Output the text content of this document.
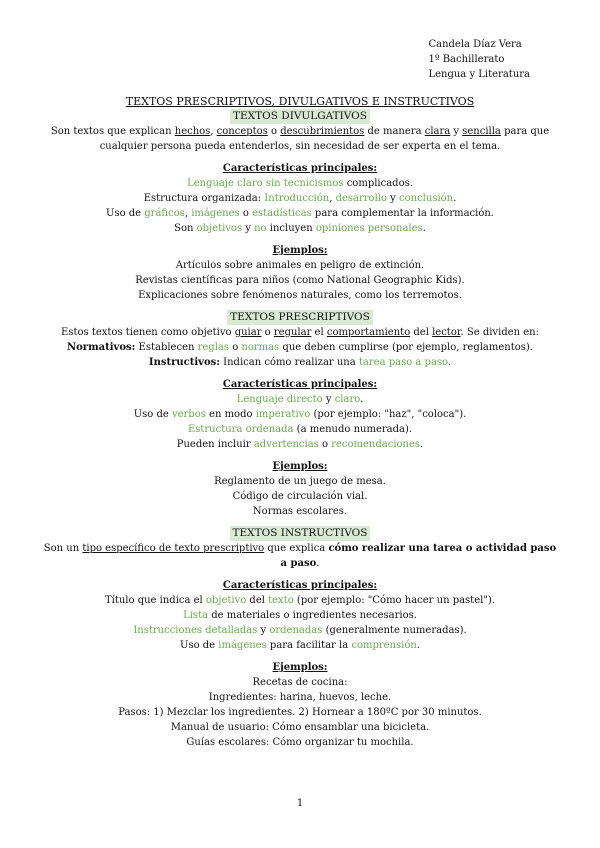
Candela Díaz Vera
1º Bachillerato
Lengua y Literatura

TEXTOS PRESCRIPTIVOS, DIVULGATIVOS E INSTRUCTIVOS

TEXTOS DIVULGATIVOS

Son textos que explican hechos, conceptos o descubrimientos de manera clara y sencilla para que cualquier persona pueda entenderlos, sin necesidad de ser experta en el tema.

Características principales:

Lenguaje claro sin tecnicismos complicados.

Estructura organizada: Introducción, desarrollo y conclusión.

Uso de gráficos, imágenes o estadísticas para complementar la información.

Son objetivos y no incluyen opiniones personales.

Ejemplos:

Artículos sobre animales en peligro de extinción.

Revistas científicas para niños (como National Geographic Kids).

Explicaciones sobre fenómenos naturales, como los terremotos.

TEXTOS PRESCRIPTIVOS

Estos textos tienen como objetivo guiar o regular el comportamiento del lector. Se dividen en:

Normativos: Establecen reglas o normas que deben cumplirse (por ejemplo, reglamentos).

Instructivos: Indican cómo realizar una tarea paso a paso.

Características principales:

Lenguaje directo y claro.

Uso de verbos en modo imperativo (por ejemplo: "haz", "coloca").

Estructura ordenada (a menudo numerada).

Pueden incluir advertencias o recomendaciones.

Ejemplos:

Reglamento de un juego de mesa.

Código de circulación vial.

Normas escolares.

TEXTOS INSTRUCTIVOS

Son un tipo específico de texto prescriptivo que explica cómo realizar una tarea o actividad paso a paso.

Características principales:

Título que indica el objetivo del texto (por ejemplo: "Cómo hacer un pastel").

Lista de materiales o ingredientes necesarios.

Instrucciones detalladas y ordenadas (generalmente numeradas).

Uso de imágenes para facilitar la comprensión.

Ejemplos:

Recetas de cocina:

Ingredientes: harina, huevos, leche.

Pasos: 1) Mezclar los ingredientes. 2) Hornear a 180ºC por 30 minutos.

Manual de usuario: Cómo ensamblar una bicicleta.

Guías escolares: Cómo organizar tu mochila.

1
